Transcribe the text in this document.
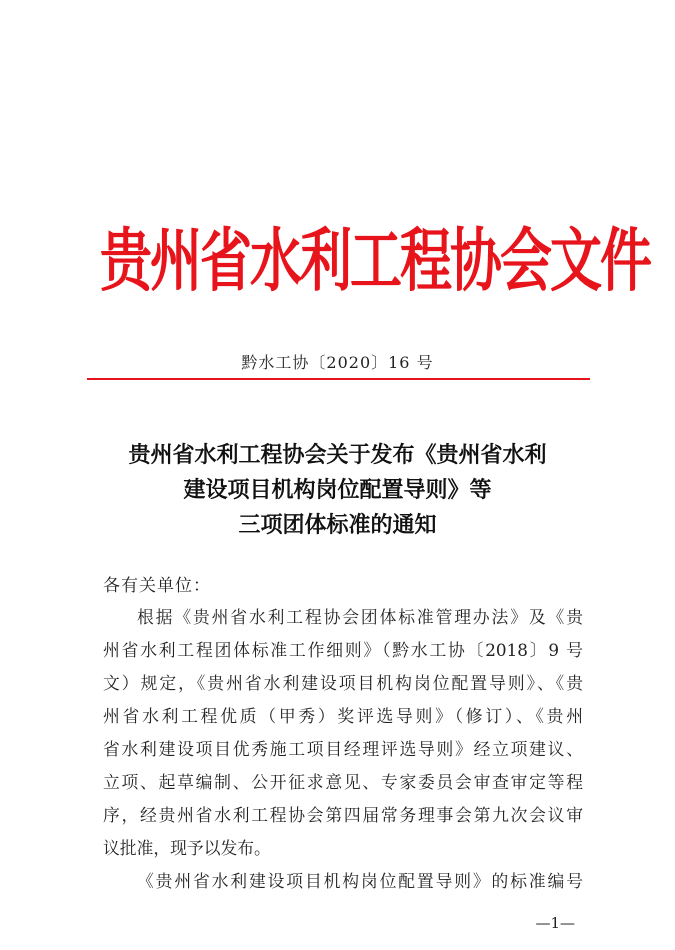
贵州省水利工程协会文件
黔水工协〔2020〕16 号
贵州省水利工程协会关于发布《贵州省水利
建设项目机构岗位配置导则》等
三项团体标准的通知
各有关单位：
根据《贵州省水利工程协会团体标准管理办法》及《贵
州省水利工程团体标准工作细则》（黔水工协〔2018〕9 号
文）规定，《贵州省水利建设项目机构岗位配置导则》、《贵
州省水利工程优质（甲秀）奖评选导则》（修订）、《贵州
省水利建设项目优秀施工项目经理评选导则》经立项建议、
立项、起草编制、公开征求意见、专家委员会审查审定等程
序，经贵州省水利工程协会第四届常务理事会第九次会议审
议批准，现予以发布。
《贵州省水利建设项目机构岗位配置导则》的标准编号
—1—
